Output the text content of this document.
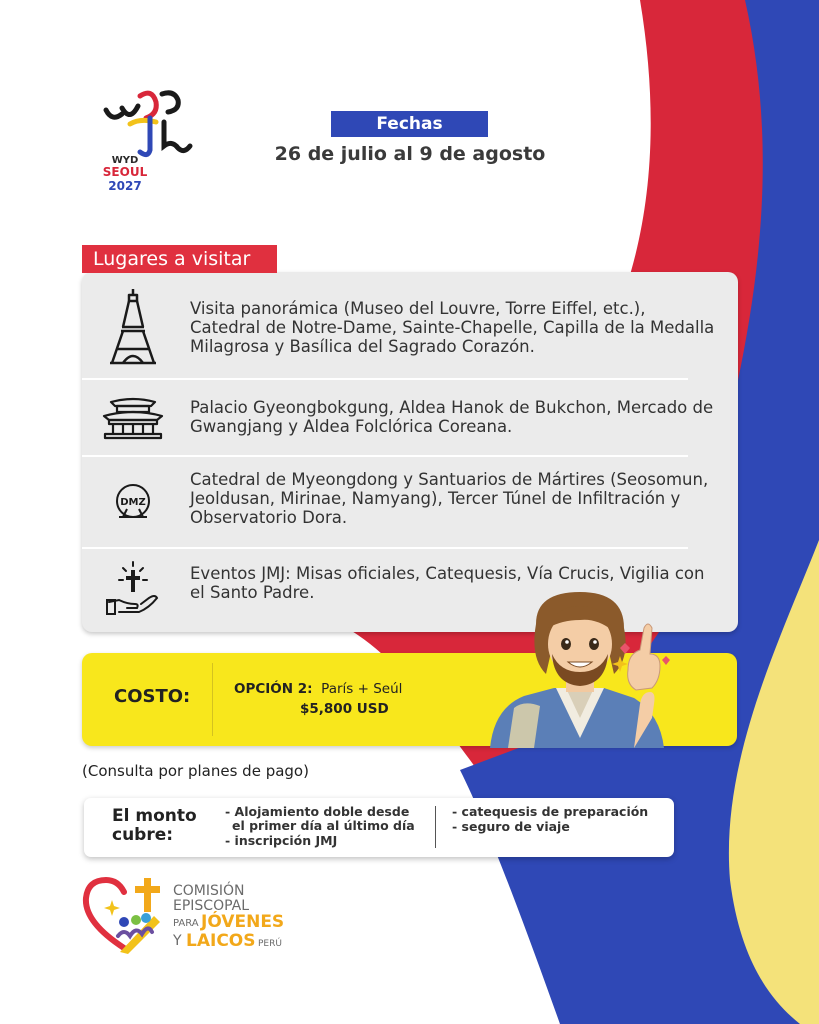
WYD
SEOUL
2027
Fechas
26 de julio al 9 de agosto
Lugares a visitar
Visita panorámica (Museo del Louvre, Torre Eiffel, etc.), Catedral de Notre-Dame, Sainte-Chapelle, Capilla de la Medalla Milagrosa y Basílica del Sagrado Corazón.
Palacio Gyeongbokgung, Aldea Hanok de Bukchon, Mercado de Gwangjang y Aldea Folclórica Coreana.
DMZ
Catedral de Myeongdong y Santuarios de Mártires (Seosomun, Jeoldusan, Mirinae, Namyang), Tercer Túnel de Infiltración y Observatorio Dora.
Eventos JMJ: Misas oficiales, Catequesis, Vía Crucis, Vigilia con el Santo Padre.
COSTO:	OPCIÓN 2: París + Seúl
$5,800 USD
(Consulta por planes de pago)
El monto
cubre:
- Alojamiento doble desde
el primer día al último día
- inscripción JMJ
- catequesis de preparación
- seguro de viaje
COMISIÓN
EPISCOPAL
PARA JÓVENES
Y LAICOS PERÚ
